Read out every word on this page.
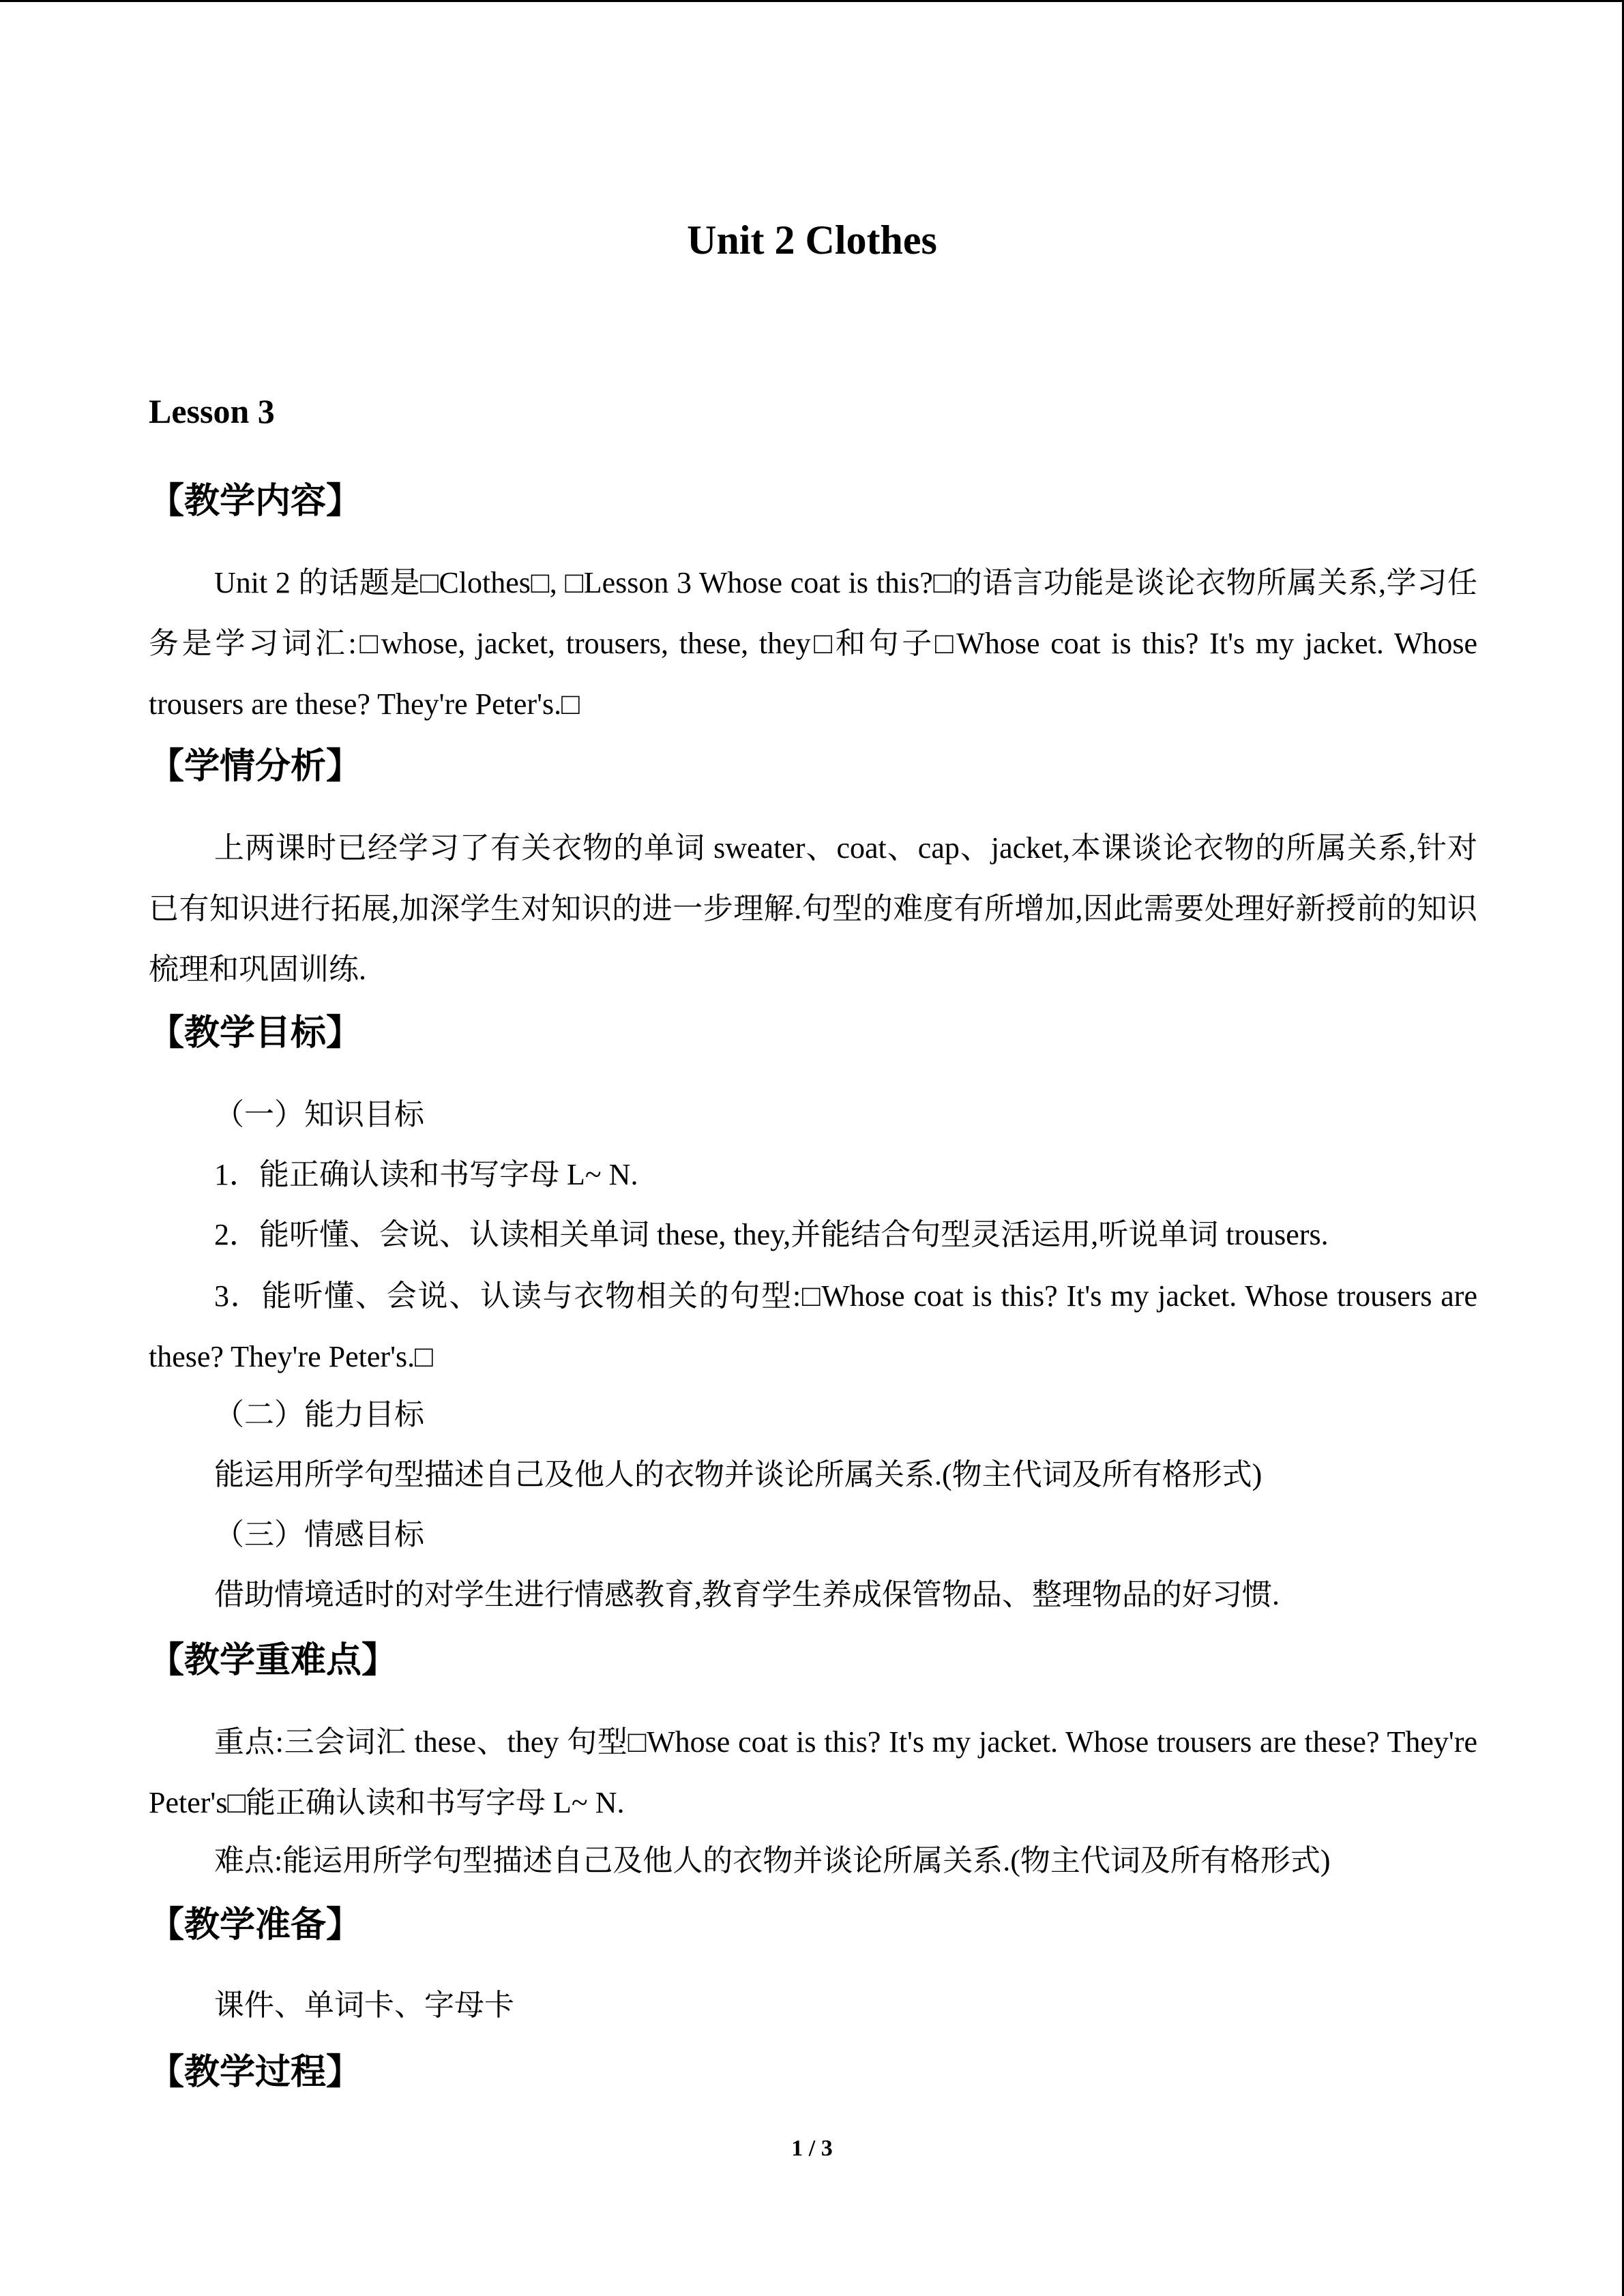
Unit 2 Clothes
Lesson 3
【教学内容】
Unit 2 的话题是□Clothes□, □Lesson 3 Whose coat is this?□的语言功能是谈论衣物所属关系,学习任务是学习词汇:□whose, jacket, trousers, these, they□和句子□Whose coat is this? It's my jacket. Whose trousers are these? They're Peter's.□
【学情分析】
上两课时已经学习了有关衣物的单词 sweater、coat、cap、jacket,本课谈论衣物的所属关系,针对已有知识进行拓展,加深学生对知识的进一步理解.句型的难度有所增加,因此需要处理好新授前的知识梳理和巩固训练.
【教学目标】
（一）知识目标
1．能正确认读和书写字母 L~ N.
2．能听懂、会说、认读相关单词 these, they,并能结合句型灵活运用,听说单词 trousers.
3．能听懂、会说、认读与衣物相关的句型:□Whose coat is this? It's my jacket. Whose trousers are these? They're Peter's.□
（二）能力目标
能运用所学句型描述自己及他人的衣物并谈论所属关系.(物主代词及所有格形式)
（三）情感目标
借助情境适时的对学生进行情感教育,教育学生养成保管物品、整理物品的好习惯.
【教学重难点】
重点:三会词汇 these、they 句型□Whose coat is this? It's my jacket. Whose trousers are these? They're Peter's□能正确认读和书写字母 L~ N.
难点:能运用所学句型描述自己及他人的衣物并谈论所属关系.(物主代词及所有格形式)
【教学准备】
课件、单词卡、字母卡
【教学过程】
1 / 3
